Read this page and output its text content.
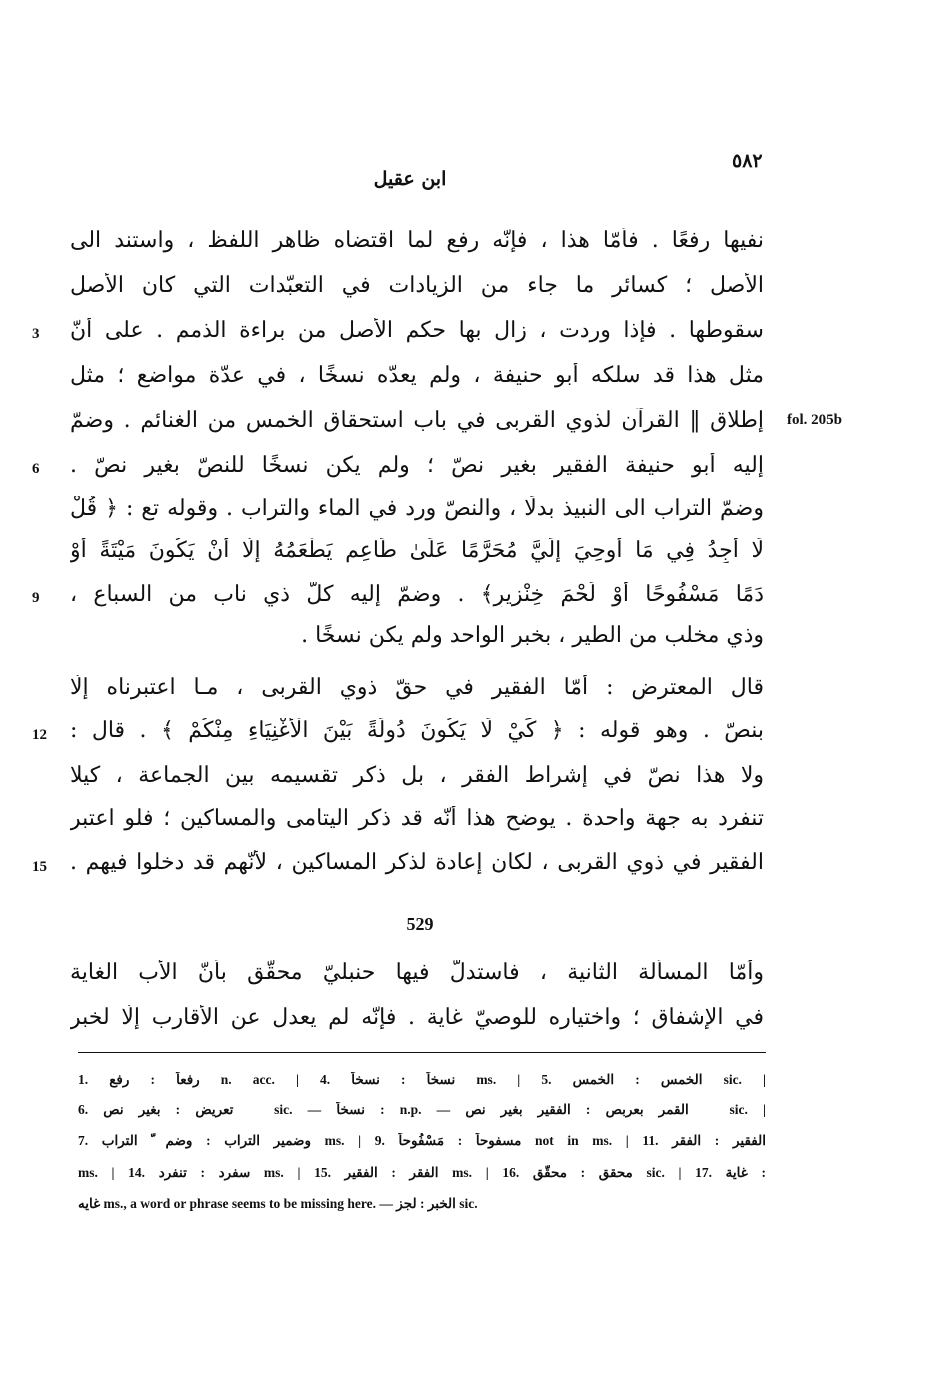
٥٨٢
ابن عقيل
نفيها رفعًا . فأمّا هذا ، فإنّه رفع لما اقتضاه ظاهر اللفظ ، واستند الى
الأصل ؛ كسائر ما جاء من الزيادات في التعبّدات التي كان الأصل
سقوطها . فإذا وردت ، زال بها حكم الأصل من براءة الذمم . على أنّ
مثل هذا قد سلكه أبو حنيفة ، ولم يعدّه نسخًا ، في عدّة مواضع ؛ مثل
إطلاق ‖ القرآن لذوي القربى في باب استحقاق الخمس من الغنائم . وضمّ
إليه أبو حنيفة الفقير بغير نصّ ؛ ولم يكن نسخًا للنصّ بغير نصّ .
وضمّ التراب الى النبيذ بدلًا ، والنصّ ورد في الماء والتراب . وقوله تع : ﴿ قُلْ
لَا أَجِدُ فِي مَا أُوحِيَ إِلَيَّ مُحَرَّمًا عَلَىٰ طَاعِمٍ يَطْعَمُهُ إِلَّا أَنْ يَكُونَ مَيْتَةً أَوْ
دَمًا مَسْفُوحًا أَوْ لَحْمَ خِنْزِيرٍ﴾ . وضمّ إليه كلّ ذي ناب من السباع ،
وذي مخلب من الطير ، بخبر الواحد ولم يكن نسخًا .
قال المعترض : أمّا الفقير في حقّ ذوي القربى ، مـا اعتبرناه إلّا
بنصّ . وهو قوله : ﴿ كَيْ لَا يَكُونَ دُولَةً بَيْنَ الْأَغْنِيَاءِ مِنْكُمْ ﴾ . قال :
ولا هذا نصّ في إشراط الفقر ، بل ذكر تقسيمه بين الجماعة ، كيلا
تنفرد به جهة واحدة . يوضح هذا أنّه قد ذكر اليتامى والمساكين ؛ فلو اعتبر
الفقير في ذوي القربى ، لكان إعادة لذكر المساكين ، لأنّهم قد دخلوا فيهم .
3
6
9
12
15
fol. 205b
529
وأمّا المسألة الثانية ، فاستدلّ فيها حنبليّ محقّق بأنّ الأب الغاية
في الإشفاق ؛ واختياره للوصيّ غاية . فإنّه لم يعدل عن الأقارب إلّا لخبر
1. رفعاً : رفع n. acc. | 4. نسخاً : نسخاً ms. | 5. الخمس : الخمس sic. |
6. تعريض : بغير نص ّ sic. — نسخاً : n.p. — القمر بعربص : الفقير بغير نص ّ sic. |
7. وضمير التراب : وضم ّ التراب ms. | 9. مسفوحاً : مَسْفُوحاً not in ms. | 11. الفقير : الفقر
ms. | 14. سفرد : تنفرد ms. | 15. الفقر : الفقير ms. | 16. محقق : محقّق sic. | 17. غاية :
غايه ms., a word or phrase seems to be missing here. — الخبر : لجز sic.
